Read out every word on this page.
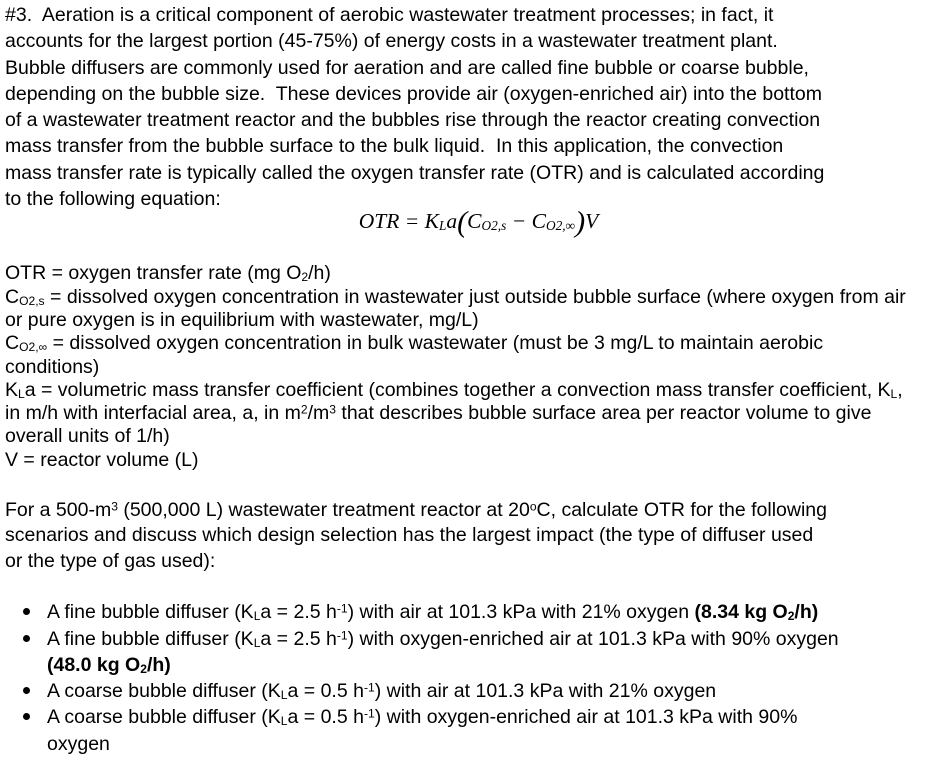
#3.  Aeration is a critical component of aerobic wastewater treatment processes; in fact, it
accounts for the largest portion (45-75%) of energy costs in a wastewater treatment plant.
Bubble diffusers are commonly used for aeration and are called fine bubble or coarse bubble,
depending on the bubble size.  These devices provide air (oxygen-enriched air) into the bottom
of a wastewater treatment reactor and the bubbles rise through the reactor creating convection
mass transfer from the bubble surface to the bulk liquid.  In this application, the convection
mass transfer rate is typically called the oxygen transfer rate (OTR) and is calculated according
to the following equation:
OTR = KLa(CO2,s − CO2,∞)V
OTR = oxygen transfer rate (mg O2/h)
CO2,s = dissolved oxygen concentration in wastewater just outside bubble surface (where oxygen from air
or pure oxygen is in equilibrium with wastewater, mg/L)
CO2,∞ = dissolved oxygen concentration in bulk wastewater (must be 3 mg/L to maintain aerobic
conditions)
KLa = volumetric mass transfer coefficient (combines together a convection mass transfer coefficient, KL,
in m/h with interfacial area, a, in $m^2/m^3$ that describes bubble surface area per reactor volume to give
overall units of 1/h)
V = reactor volume (L)
For a $500-m^3$ (500,000 L) wastewater treatment reactor at 20$^o$C, calculate OTR for the following
scenarios and discuss which design selection has the largest impact (the type of diffuser used
or the type of gas used):
A fine bubble diffuser (KLa = 2.5 $h^{-1}$) with air at 101.3 kPa with 21% oxygen (8.34 kg O2/h)
A fine bubble diffuser (KLa = 2.5 $h^{-1}$) with oxygen-enriched air at 101.3 kPa with 90% oxygen
(48.0 kg O2/h)
A coarse bubble diffuser (KLa = 0.5 $h^{-1}$) with air at 101.3 kPa with 21% oxygen
A coarse bubble diffuser (KLa = 0.5 $h^{-1}$) with oxygen-enriched air at 101.3 kPa with 90%
oxygen
